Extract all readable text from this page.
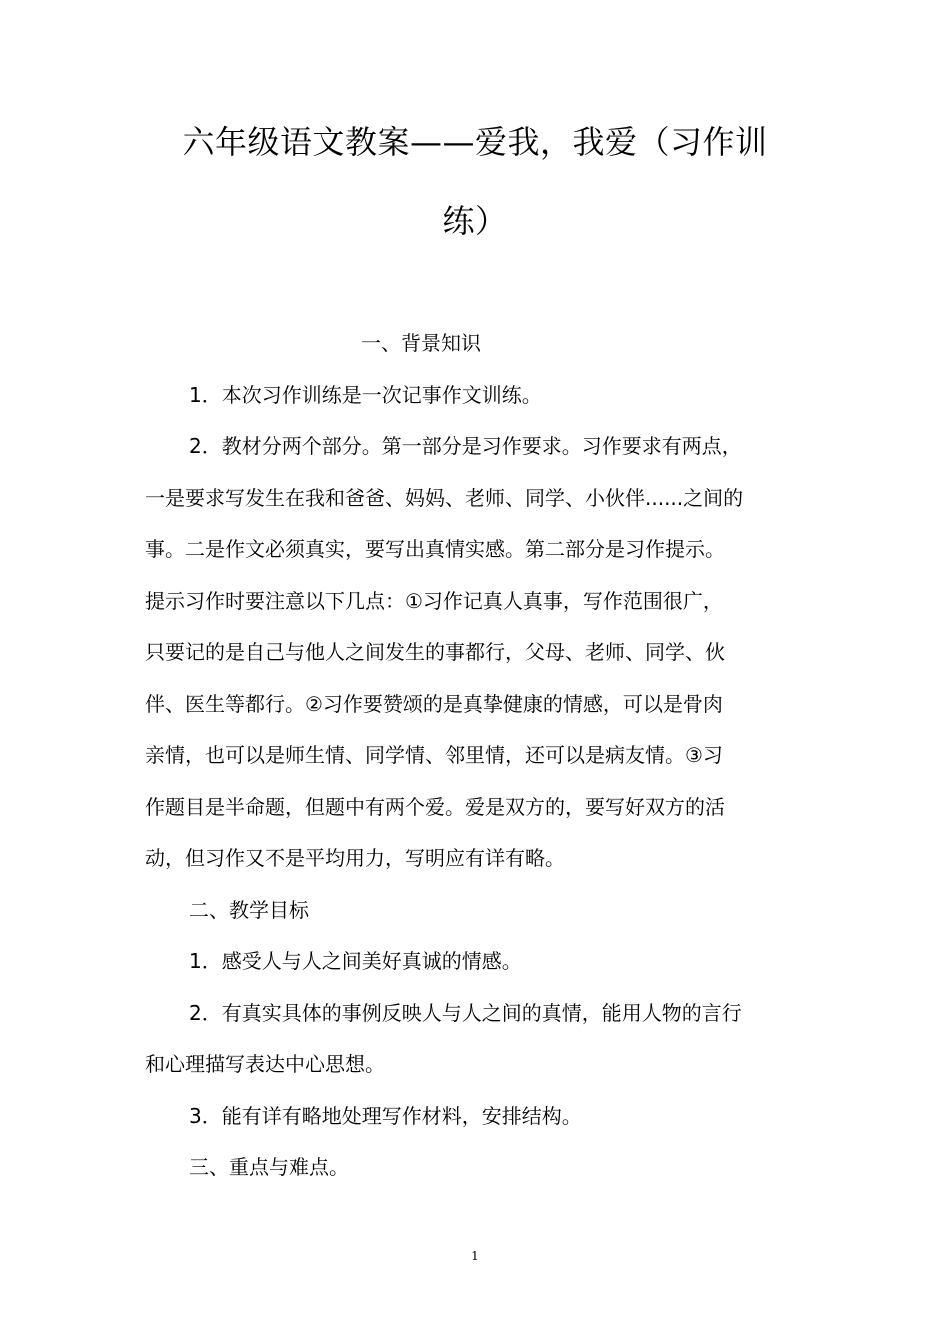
六年级语文教案——爱我，我爱（习作训
练）
一、背景知识
1．本次习作训练是一次记事作文训练。
2．教材分两个部分。第一部分是习作要求。习作要求有两点，
一是要求写发生在我和爸爸、妈妈、老师、同学、小伙伴......之间的
事。二是作文必须真实，要写出真情实感。第二部分是习作提示。
提示习作时要注意以下几点：①习作记真人真事，写作范围很广，
只要记的是自己与他人之间发生的事都行，父母、老师、同学、伙
伴、医生等都行。②习作要赞颂的是真挚健康的情感，可以是骨肉
亲情，也可以是师生情、同学情、邻里情，还可以是病友情。③习
作题目是半命题，但题中有两个爱。爱是双方的，要写好双方的活
动，但习作又不是平均用力，写明应有详有略。
二、教学目标
1．感受人与人之间美好真诚的情感。
2．有真实具体的事例反映人与人之间的真情，能用人物的言行
和心理描写表达中心思想。
3．能有详有略地处理写作材料，安排结构。
三、重点与难点。
1
